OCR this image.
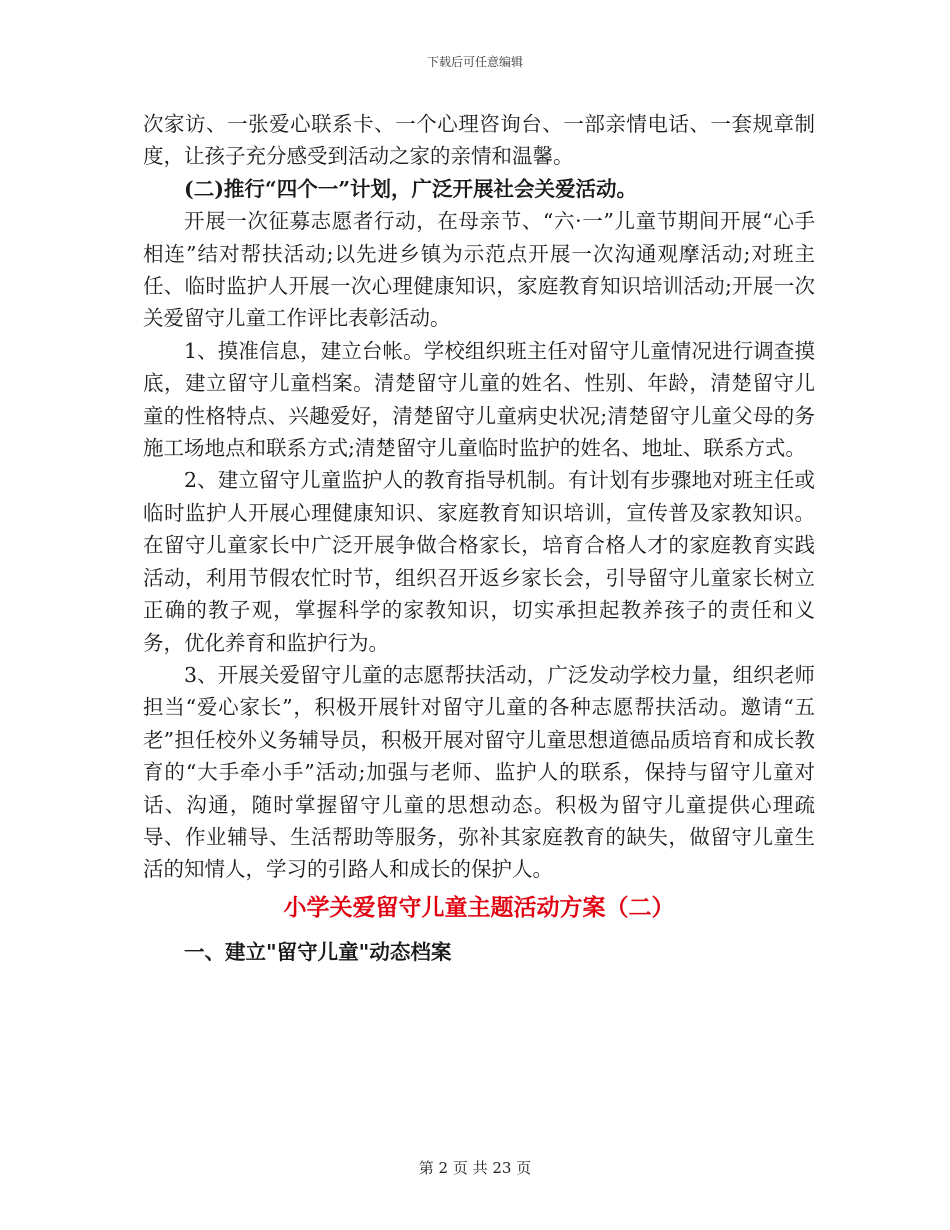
下载后可任意编辑

次家访、一张爱心联系卡、一个心理咨询台、一部亲情电话、一套规章制度，让孩子充分感受到活动之家的亲情和温馨。

(二)推行“四个一”计划，广泛开展社会关爱活动。

开展一次征募志愿者行动，在母亲节、“六·一”儿童节期间开展“心手相连”结对帮扶活动;以先进乡镇为示范点开展一次沟通观摩活动;对班主任、临时监护人开展一次心理健康知识，家庭教育知识培训活动;开展一次关爱留守儿童工作评比表彰活动。

1、摸准信息，建立台帐。学校组织班主任对留守儿童情况进行调查摸底，建立留守儿童档案。清楚留守儿童的姓名、性别、年龄，清楚留守儿童的性格特点、兴趣爱好，清楚留守儿童病史状况;清楚留守儿童父母的务施工场地点和联系方式;清楚留守儿童临时监护的姓名、地址、联系方式。

2、建立留守儿童监护人的教育指导机制。有计划有步骤地对班主任或临时监护人开展心理健康知识、家庭教育知识培训，宣传普及家教知识。在留守儿童家长中广泛开展争做合格家长，培育合格人才的家庭教育实践活动，利用节假农忙时节，组织召开返乡家长会，引导留守儿童家长树立正确的教子观，掌握科学的家教知识，切实承担起教养孩子的责任和义务，优化养育和监护行为。

3、开展关爱留守儿童的志愿帮扶活动，广泛发动学校力量，组织老师担当“爱心家长”，积极开展针对留守儿童的各种志愿帮扶活动。邀请“五老”担任校外义务辅导员，积极开展对留守儿童思想道德品质培育和成长教育的“大手牵小手”活动;加强与老师、监护人的联系，保持与留守儿童对话、沟通，随时掌握留守儿童的思想动态。积极为留守儿童提供心理疏导、作业辅导、生活帮助等服务，弥补其家庭教育的缺失，做留守儿童生活的知情人，学习的引路人和成长的保护人。

小学关爱留守儿童主题活动方案（二）
一、建立"留守儿童"动态档案
第 2 页 共 23 页
